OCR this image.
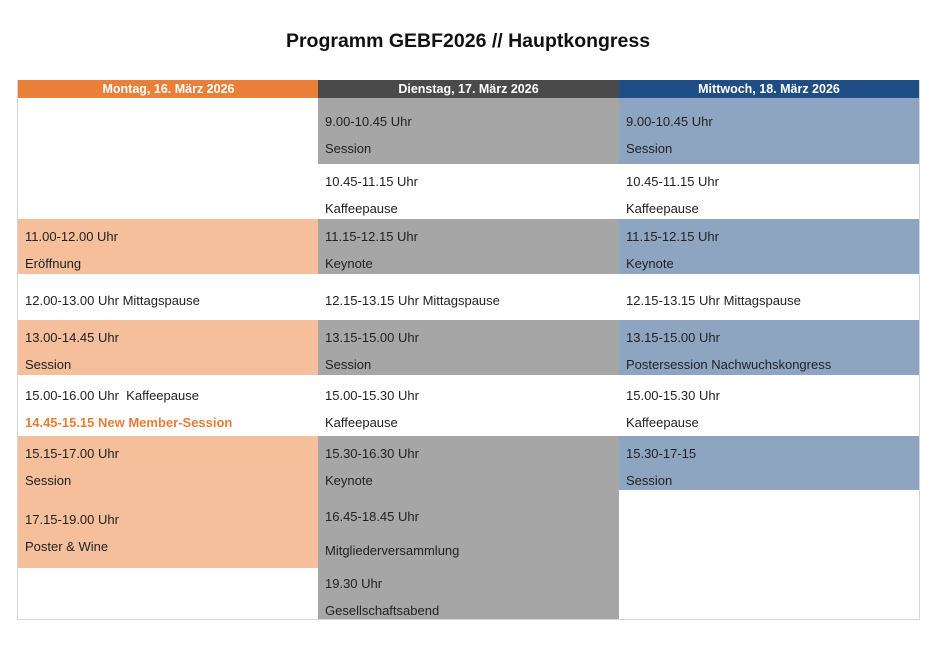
Programm GEBF2026 // Hauptkongress
Montag, 16. März 2026
11.00-12.00 Uhr
Eröffnung
12.00-13.00 Uhr Mittagspause
13.00-14.45 Uhr
Session
15.00-16.00 Uhr  Kaffeepause
14.45-15.15 New Member-Session
15.15-17.00 Uhr
Session
17.15-19.00 Uhr
Poster & Wine
Dienstag, 17. März 2026
9.00-10.45 Uhr
Session
10.45-11.15 Uhr
Kaffeepause
11.15-12.15 Uhr
Keynote
12.15-13.15 Uhr Mittagspause
13.15-15.00 Uhr
Session
15.00-15.30 Uhr
Kaffeepause
15.30-16.30 Uhr
Keynote
16.45-18.45 Uhr
Mitgliederversammlung
19.30 Uhr
Gesellschaftsabend
Mittwoch, 18. März 2026
9.00-10.45 Uhr
Session
10.45-11.15 Uhr
Kaffeepause
11.15-12.15 Uhr
Keynote
12.15-13.15 Uhr Mittagspause
13.15-15.00 Uhr
Postersession Nachwuchskongress
15.00-15.30 Uhr
Kaffeepause
15.30-17-15
Session
